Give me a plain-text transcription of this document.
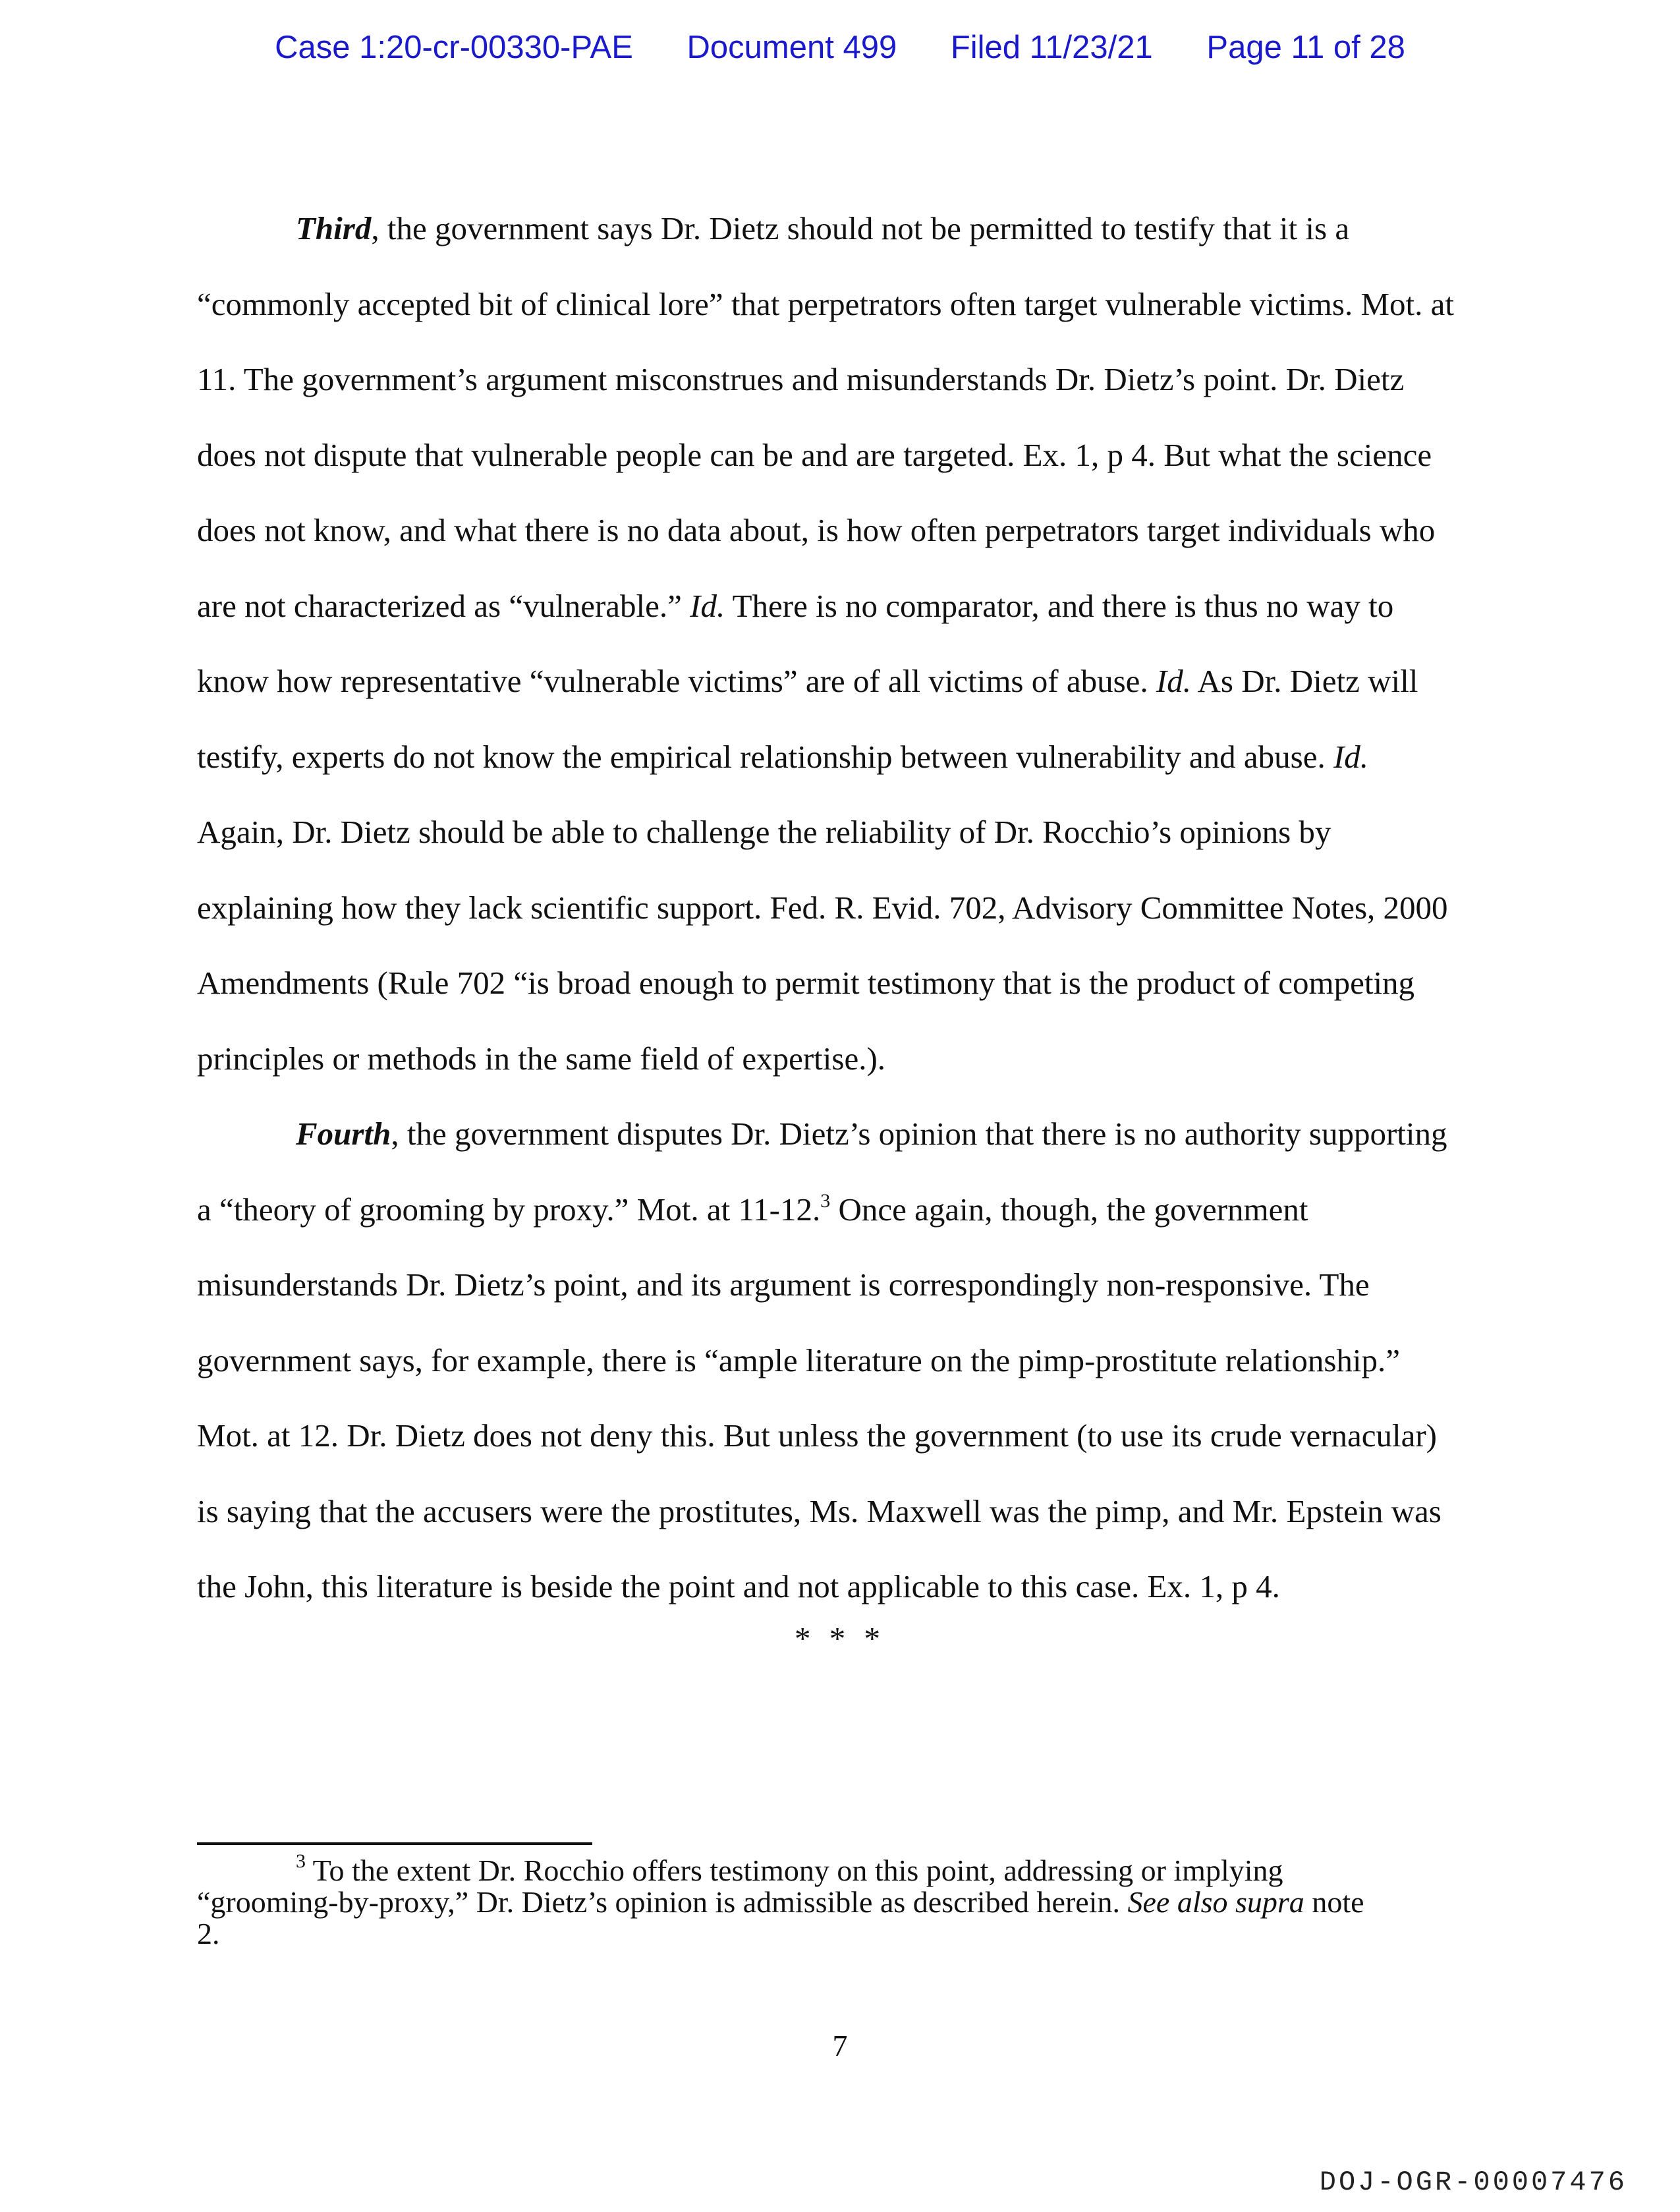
Case 1:20-cr-00330-PAE Document 499 Filed 11/23/21 Page 11 of 28
Third, the government says Dr. Dietz should not be permitted to testify that it is a
“commonly accepted bit of clinical lore” that perpetrators often target vulnerable victims. Mot. at
11. The government’s argument misconstrues and misunderstands Dr. Dietz’s point. Dr. Dietz
does not dispute that vulnerable people can be and are targeted. Ex. 1, p 4. But what the science
does not know, and what there is no data about, is how often perpetrators target individuals who
are not characterized as “vulnerable.” Id. There is no comparator, and there is thus no way to
know how representative “vulnerable victims” are of all victims of abuse. Id. As Dr. Dietz will
testify, experts do not know the empirical relationship between vulnerability and abuse. Id.
Again, Dr. Dietz should be able to challenge the reliability of Dr. Rocchio’s opinions by
explaining how they lack scientific support. Fed. R. Evid. 702, Advisory Committee Notes, 2000
Amendments (Rule 702 “is broad enough to permit testimony that is the product of competing
principles or methods in the same field of expertise.).
Fourth, the government disputes Dr. Dietz’s opinion that there is no authority supporting
a “theory of grooming by proxy.” Mot. at 11-12.$^3$ Once again, though, the government
misunderstands Dr. Dietz’s point, and its argument is correspondingly non-responsive. The
government says, for example, there is “ample literature on the pimp-prostitute relationship.”
Mot. at 12. Dr. Dietz does not deny this. But unless the government (to use its crude vernacular)
is saying that the accusers were the prostitutes, Ms. Maxwell was the pimp, and Mr. Epstein was
the John, this literature is beside the point and not applicable to this case. Ex. 1, p 4.
* * *
$^3$ To the extent Dr. Rocchio offers testimony on this point, addressing or implying
“grooming-by-proxy,” Dr. Dietz’s opinion is admissible as described herein. See also supra note
2.
7
DOJ-OGR-00007476
